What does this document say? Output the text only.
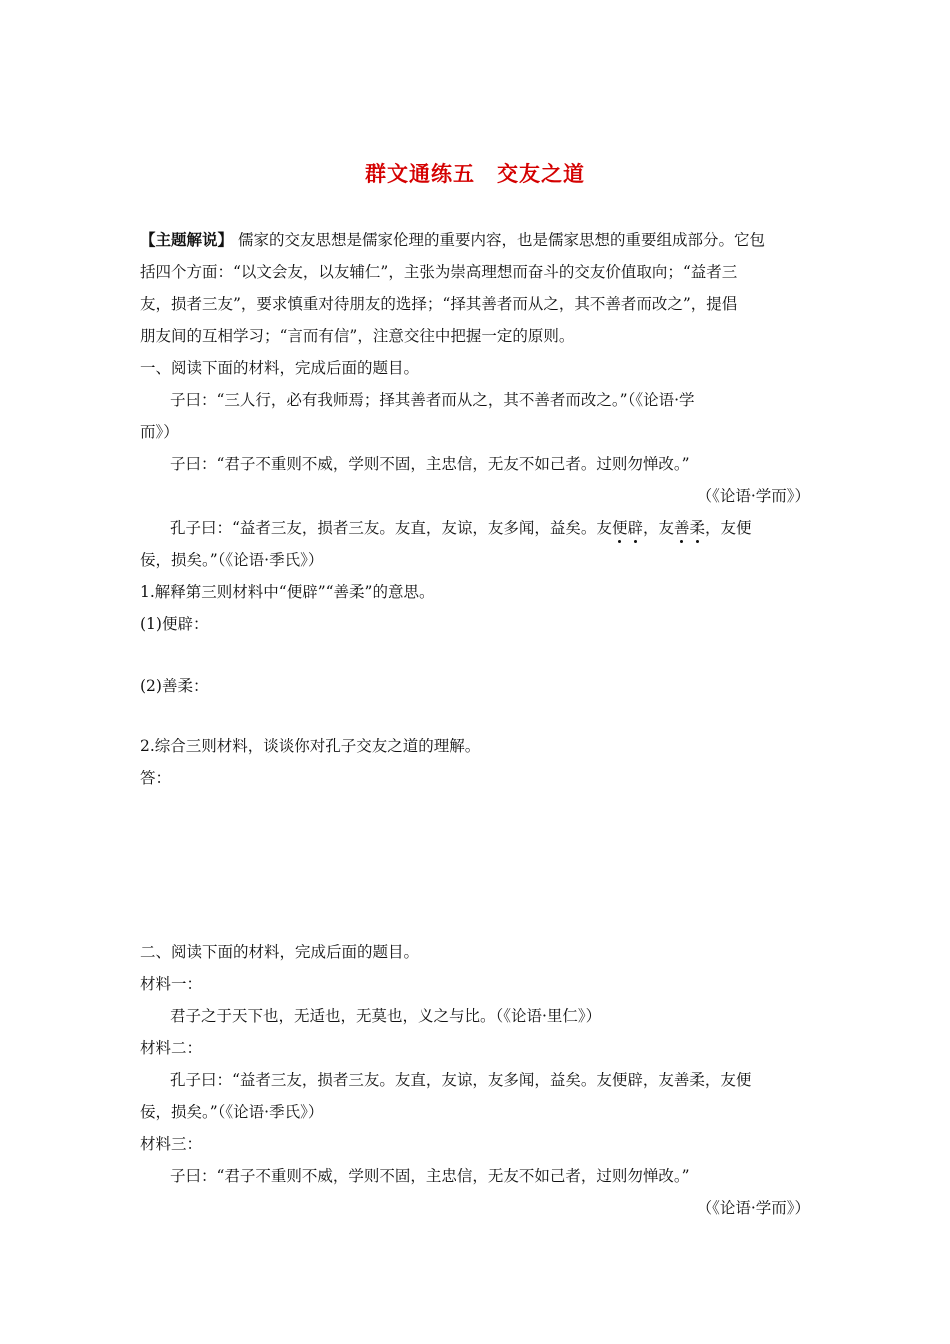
群文通练五　交友之道
【主题解说】 儒家的交友思想是儒家伦理的重要内容，也是儒家思想的重要组成部分。它包
括四个方面：“以文会友，以友辅仁”，主张为崇高理想而奋斗的交友价值取向；“益者三
友，损者三友”，要求慎重对待朋友的选择；“择其善者而从之，其不善者而改之”，提倡
朋友间的互相学习；“言而有信”，注意交往中把握一定的原则。
一、阅读下面的材料，完成后面的题目。
子曰：“三人行，必有我师焉；择其善者而从之，其不善者而改之。”（《论语·学
而》）
子曰：“君子不重则不威，学则不固，主忠信，无友不如己者。过则勿惮改。”
（《论语·学而》）
孔子曰：“益者三友，损者三友。友直，友谅，友多闻，益矣。友便辟，友善柔，友便
佞，损矣。”（《论语·季氏》）
1.解释第三则材料中“便辟”“善柔”的意思。
(1)便辟：
(2)善柔：
2.综合三则材料，谈谈你对孔子交友之道的理解。
答：
二、阅读下面的材料，完成后面的题目。
材料一：
君子之于天下也，无适也，无莫也，义之与比。（《论语·里仁》）
材料二：
孔子曰：“益者三友，损者三友。友直，友谅，友多闻，益矣。友便辟，友善柔，友便
佞，损矣。”（《论语·季氏》）
材料三：
子曰：“君子不重则不威，学则不固，主忠信，无友不如己者，过则勿惮改。”
（《论语·学而》）
